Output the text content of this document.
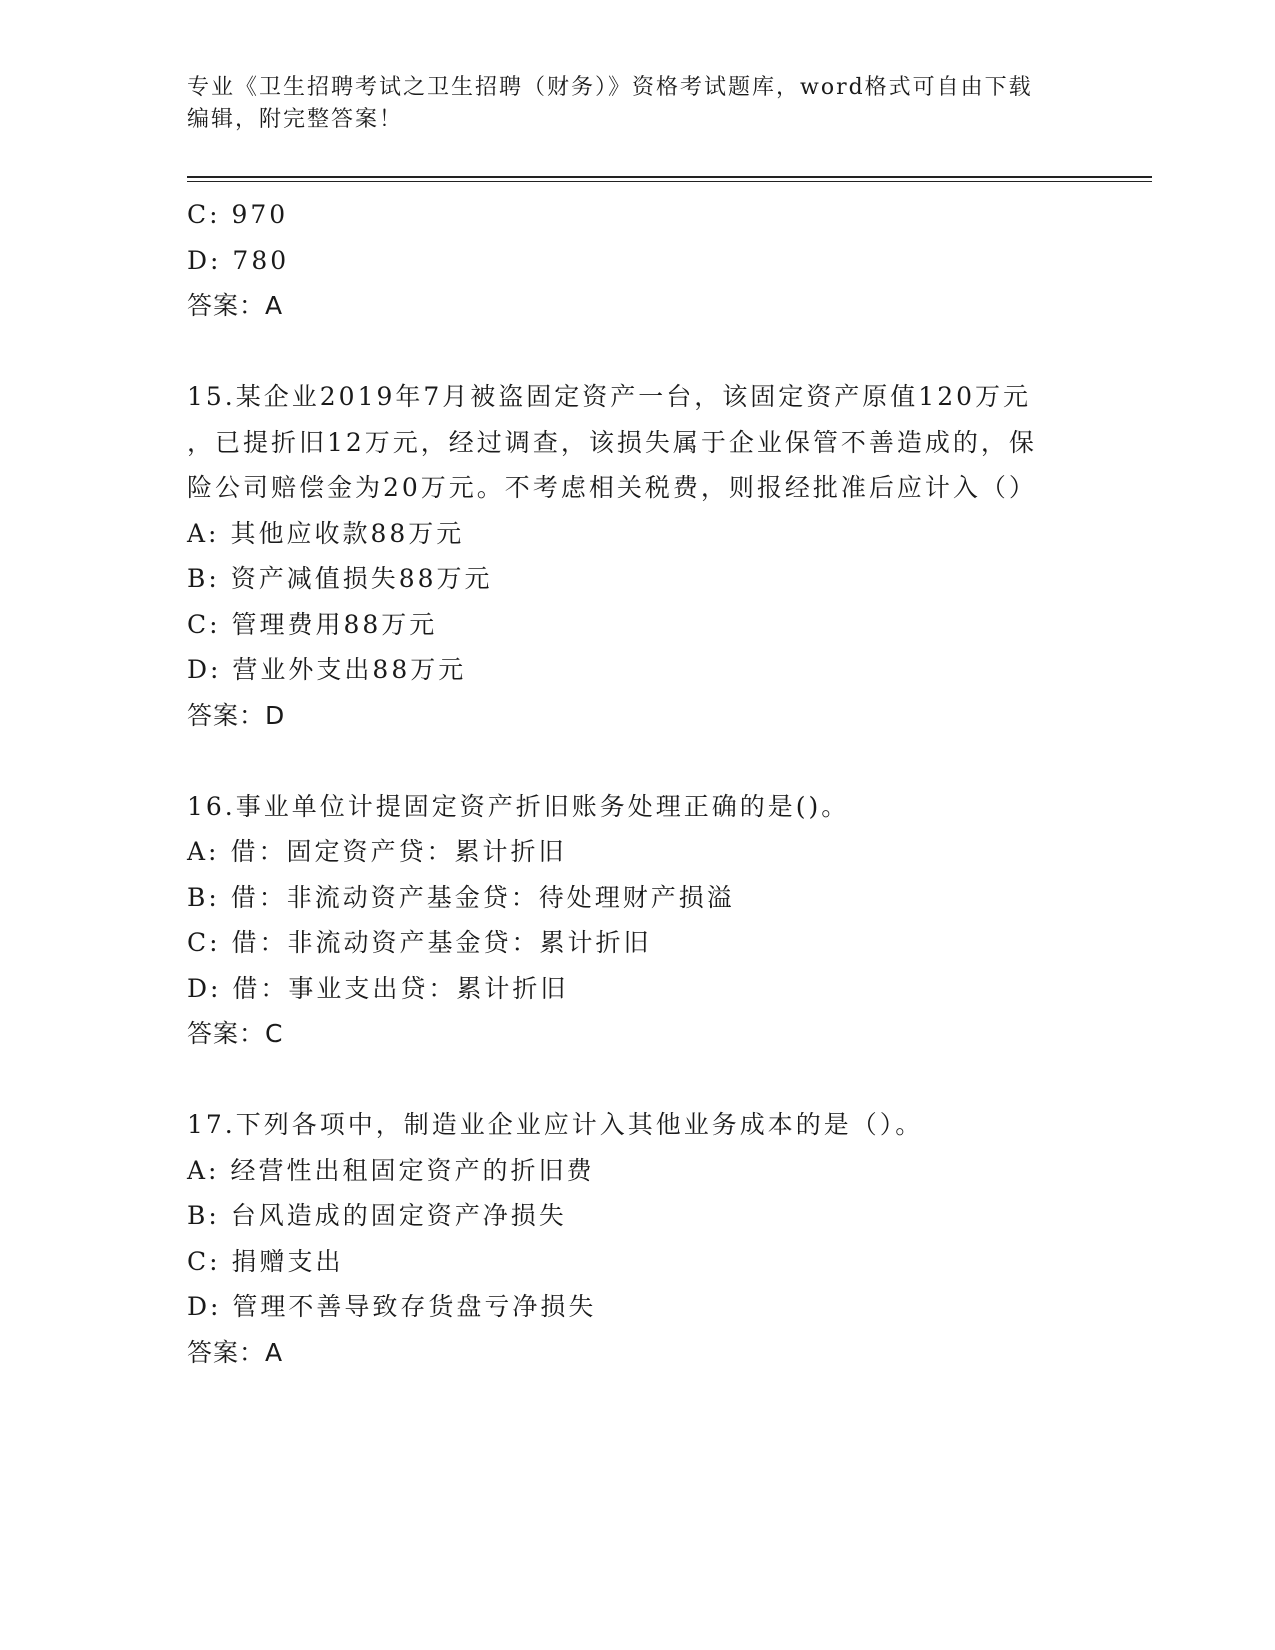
专业《卫生招聘考试之卫生招聘（财务）》资格考试题库，word格式可自由下载
编辑，附完整答案！
C: 970
D: 780
答案：A
15.某企业2019年7月被盗固定资产一台，该固定资产原值120万元
，已提折旧12万元，经过调查，该损失属于企业保管不善造成的，保
险公司赔偿金为20万元。不考虑相关税费，则报经批准后应计入（）
A: 其他应收款88万元
B: 资产减值损失88万元
C: 管理费用88万元
D: 营业外支出88万元
答案：D
16.事业单位计提固定资产折旧账务处理正确的是()。
A: 借：固定资产贷：累计折旧
B: 借：非流动资产基金贷：待处理财产损溢
C: 借：非流动资产基金贷：累计折旧
D: 借：事业支出贷：累计折旧
答案：C
17.下列各项中，制造业企业应计入其他业务成本的是（）。
A: 经营性出租固定资产的折旧费
B: 台风造成的固定资产净损失
C: 捐赠支出
D: 管理不善导致存货盘亏净损失
答案：A
